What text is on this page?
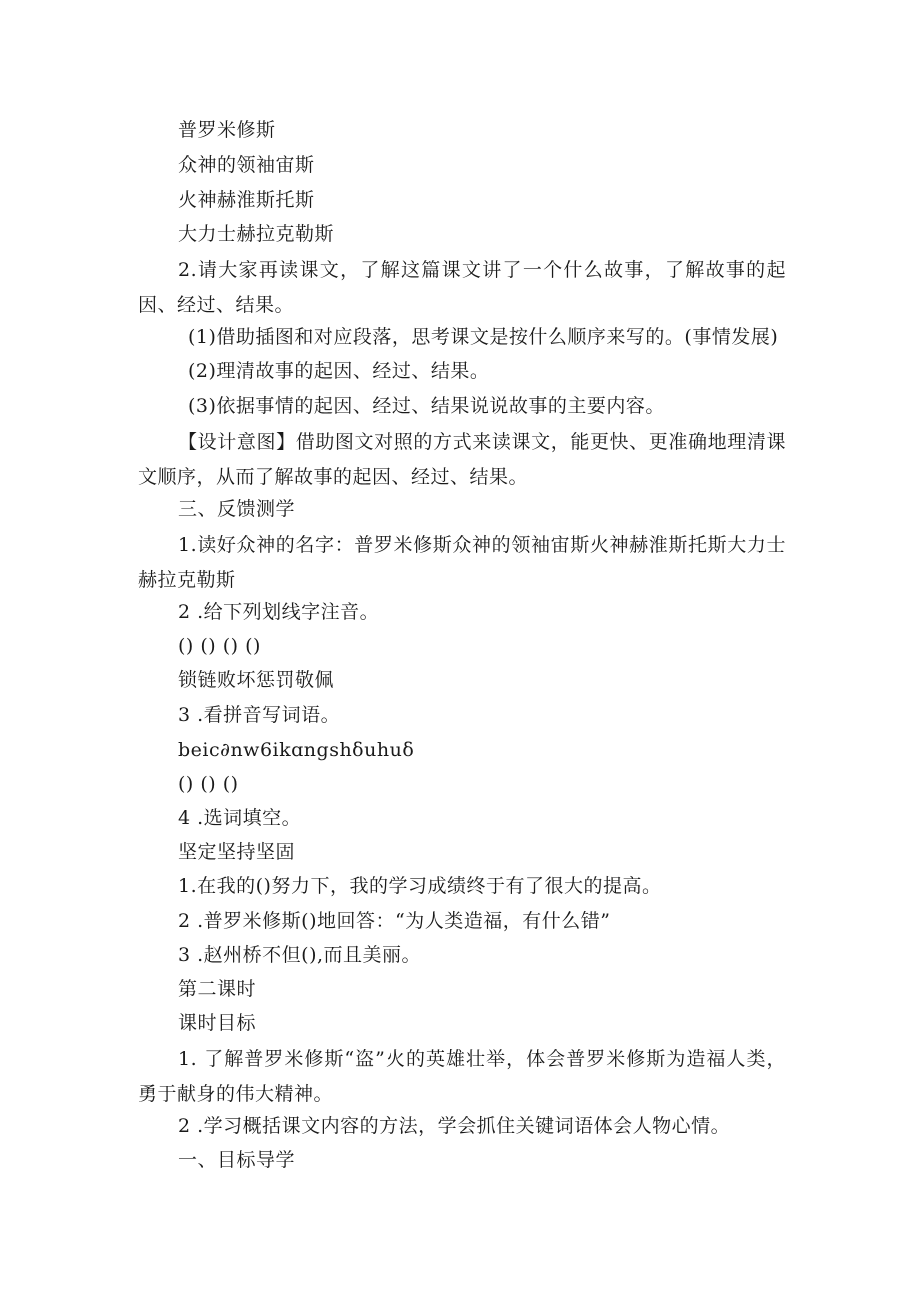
普罗米修斯
众神的领袖宙斯
火神赫淮斯托斯
大力士赫拉克勒斯
2.请大家再读课文，了解这篇课文讲了一个什么故事，了解故事的起因、经过、结果。
(1)借助插图和对应段落，思考课文是按什么顺序来写的。(事情发展)
(2)理清故事的起因、经过、结果。
(3)依据事情的起因、经过、结果说说故事的主要内容。
【设计意图】借助图文对照的方式来读课文，能更快、更准确地理清课文顺序，从而了解故事的起因、经过、结果。
三、反馈测学
1.读好众神的名字：普罗米修斯众神的领袖宙斯火神赫淮斯托斯大力士赫拉克勒斯
2 .给下列划线字注音。
() () () ()
锁链败坏惩罚敬佩
3 .看拼音写词语。
beic∂nw6ikɑngshδuhuδ
() () ()
4 .选词填空。
坚定坚持坚固
1.在我的()努力下，我的学习成绩终于有了很大的提高。
2 .普罗米修斯()地回答：“为人类造福，有什么错”
3 .赵州桥不但(),而且美丽。
第二课时
课时目标
1. 了解普罗米修斯“盗”火的英雄壮举，体会普罗米修斯为造福人类，勇于献身的伟大精神。
2 .学习概括课文内容的方法，学会抓住关键词语体会人物心情。
一、目标导学
